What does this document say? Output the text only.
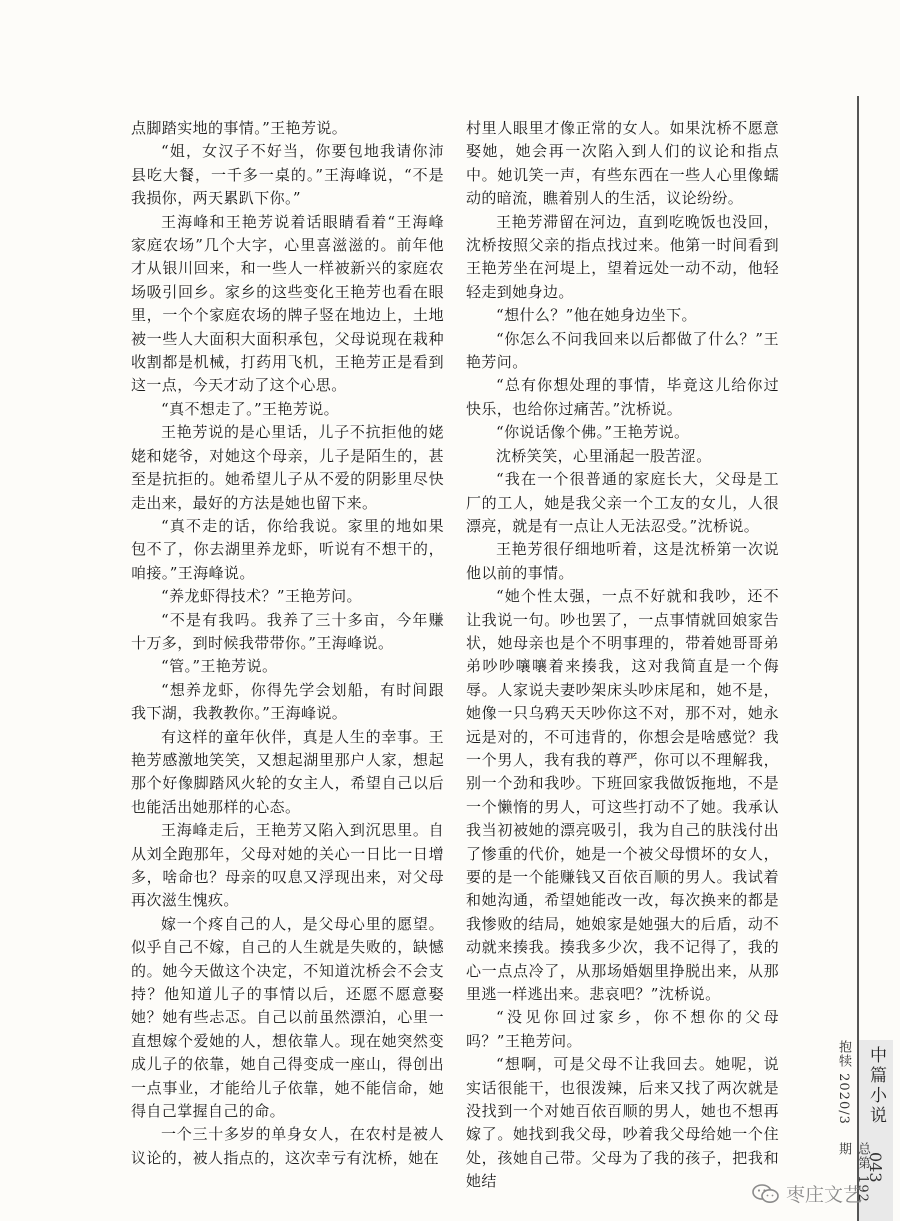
点脚踏实地的事情。”王艳芳说。

“姐，女汉子不好当，你要包地我请你沛县吃大餐，一千多一桌的。”王海峰说，“不是我损你，两天累趴下你。”

王海峰和王艳芳说着话眼睛看着“王海峰家庭农场”几个大字，心里喜滋滋的。前年他才从银川回来，和一些人一样被新兴的家庭农场吸引回乡。家乡的这些变化王艳芳也看在眼里，一个个家庭农场的牌子竖在地边上，土地被一些人大面积大面积承包，父母说现在栽种收割都是机械，打药用飞机，王艳芳正是看到这一点，今天才动了这个心思。

“真不想走了。”王艳芳说。

王艳芳说的是心里话，儿子不抗拒他的姥姥和姥爷，对她这个母亲，儿子是陌生的，甚至是抗拒的。她希望儿子从不爱的阴影里尽快走出来，最好的方法是她也留下来。

“真不走的话，你给我说。家里的地如果包不了，你去湖里养龙虾，听说有不想干的，咱接。”王海峰说。

“养龙虾得技术？”王艳芳问。

“不是有我吗。我养了三十多亩，今年赚十万多，到时候我带带你。”王海峰说。

“管。”王艳芳说。

“想养龙虾，你得先学会划船，有时间跟我下湖，我教教你。”王海峰说。

有这样的童年伙伴，真是人生的幸事。王艳芳感激地笑笑，又想起湖里那户人家，想起那个好像脚踏风火轮的女主人，希望自己以后也能活出她那样的心态。

王海峰走后，王艳芳又陷入到沉思里。自从刘全跑那年，父母对她的关心一日比一日增多，啥命也？母亲的叹息又浮现出来，对父母再次滋生愧疚。

嫁一个疼自己的人，是父母心里的愿望。似乎自己不嫁，自己的人生就是失败的，缺憾的。她今天做这个决定，不知道沈桥会不会支持？他知道儿子的事情以后，还愿不愿意娶她？她有些忐忑。自己以前虽然漂泊，心里一直想嫁个爱她的人，想依靠人。现在她突然变成儿子的依靠，她自己得变成一座山，得创出一点事业，才能给儿子依靠，她不能信命，她得自己掌握自己的命。

一个三十多岁的单身女人，在农村是被人议论的，被人指点的，这次幸亏有沈桥，她在

村里人眼里才像正常的女人。如果沈桥不愿意娶她，她会再一次陷入到人们的议论和指点中。她讥笑一声，有些东西在一些人心里像蠕动的暗流，瞧着别人的生活，议论纷纷。

王艳芳滞留在河边，直到吃晚饭也没回，沈桥按照父亲的指点找过来。他第一时间看到王艳芳坐在河堤上，望着远处一动不动，他轻轻走到她身边。

“想什么？”他在她身边坐下。

“你怎么不问我回来以后都做了什么？”王艳芳问。

“总有你想处理的事情，毕竟这儿给你过快乐，也给你过痛苦。”沈桥说。

“你说话像个佛。”王艳芳说。

沈桥笑笑，心里涌起一股苦涩。

“我在一个很普通的家庭长大，父母是工厂的工人，她是我父亲一个工友的女儿，人很漂亮，就是有一点让人无法忍受。”沈桥说。

王艳芳很仔细地听着，这是沈桥第一次说他以前的事情。

“她个性太强，一点不好就和我吵，还不让我说一句。吵也罢了，一点事情就回娘家告状，她母亲也是个不明事理的，带着她哥哥弟弟吵吵嚷嚷着来揍我，这对我简直是一个侮辱。人家说夫妻吵架床头吵床尾和，她不是，她像一只乌鸦天天吵你这不对，那不对，她永远是对的，不可违背的，你想会是啥感觉？我一个男人，我有我的尊严，你可以不理解我，别一个劲和我吵。下班回家我做饭拖地，不是一个懒惰的男人，可这些打动不了她。我承认我当初被她的漂亮吸引，我为自己的肤浅付出了惨重的代价，她是一个被父母惯坏的女人，要的是一个能赚钱又百依百顺的男人。我试着和她沟通，希望她能改一改，每次换来的都是我惨败的结局，她娘家是她强大的后盾，动不动就来揍我。揍我多少次，我不记得了，我的心一点点冷了，从那场婚姻里挣脱出来，从那里逃一样逃出来。悲哀吧？”沈桥说。

“没见你回过家乡，你不想你的父母吗？”王艳芳问。

“想啊，可是父母不让我回去。她呢，说实话很能干，也很泼辣，后来又找了两次就是没找到一个对她百依百顺的男人，她也不想再嫁了。她找到我父母，吵着我父母给她一个住处，孩她自己带。父母为了我的孩子，把我和她结

抱犊 2020/3
总第 192 期
中篇小说
043
枣庄文艺
